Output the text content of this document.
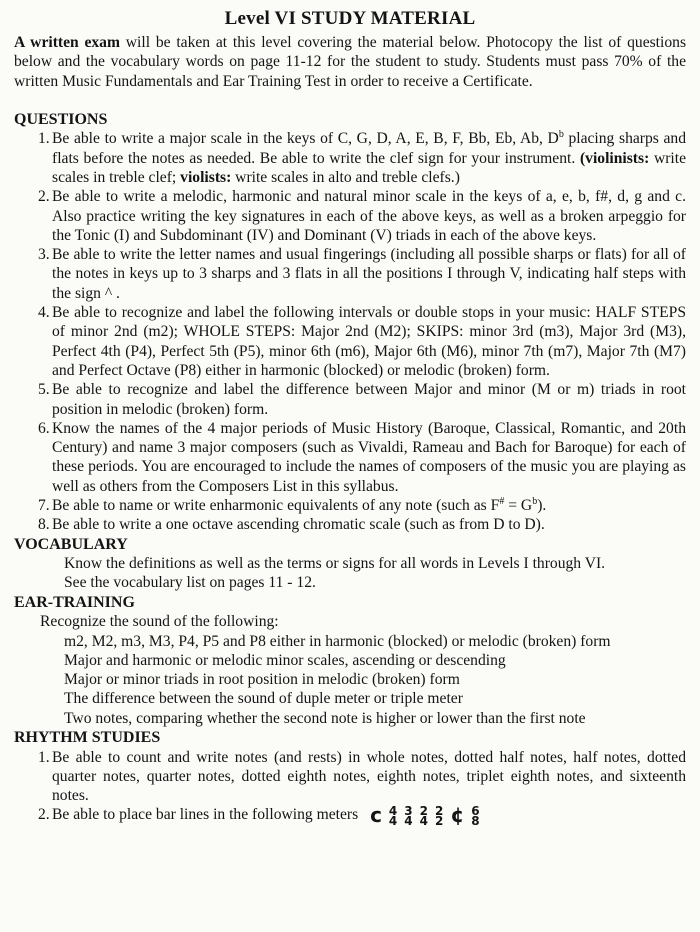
Level VI STUDY MATERIAL

A written exam will be taken at this level covering the material below. Photocopy the list of questions below and the vocabulary words on page 11-12 for the student to study. Students must pass 70% of the written Music Fundamentals and Ear Training Test in order to receive a Certificate.

QUESTIONS

1. Be able to write a major scale in the keys of C, G, D, A, E, B, F, Bb, Eb, Ab, $D^b$ placing sharps and flats before the notes as needed. Be able to write the clef sign for your instrument. (violinists: write scales in treble clef; violists: write scales in alto and treble clefs.)
2. Be able to write a melodic, harmonic and natural minor scale in the keys of a, e, b, f#, d, g and c. Also practice writing the key signatures in each of the above keys, as well as a broken arpeggio for the Tonic (I) and Subdominant (IV) and Dominant (V) triads in each of the above keys.
3. Be able to write the letter names and usual fingerings (including all possible sharps or flats) for all of the notes in keys up to 3 sharps and 3 flats in all the positions I through V, indicating half steps with the sign ^ .
4. Be able to recognize and label the following intervals or double stops in your music: HALF STEPS of minor 2nd (m2); WHOLE STEPS: Major 2nd (M2); SKIPS: minor 3rd (m3), Major 3rd (M3), Perfect 4th (P4), Perfect 5th (P5), minor 6th (m6), Major 6th (M6), minor 7th (m7), Major 7th (M7) and Perfect Octave (P8) either in harmonic (blocked) or melodic (broken) form.
5. Be able to recognize and label the difference between Major and minor (M or m) triads in root position in melodic (broken) form.
6. Know the names of the 4 major periods of Music History (Baroque, Classical, Romantic, and 20th Century) and name 3 major composers (such as Vivaldi, Rameau and Bach for Baroque) for each of these periods. You are encouraged to include the names of composers of the music you are playing as well as others from the Composers List in this syllabus.
7. Be able to name or write enharmonic equivalents of any note (such as $F^{\#} = G^b$).
8. Be able to write a one octave ascending chromatic scale (such as from D to D).

VOCABULARY

Know the definitions as well as the terms or signs for all words in Levels I through VI.

See the vocabulary list on pages 11 - 12.

EAR-TRAINING

Recognize the sound of the following:

m2, M2, m3, M3, P4, P5 and P8 either in harmonic (blocked) or melodic (broken) form

Major and harmonic or melodic minor scales, ascending or descending

Major or minor triads in root position in melodic (broken) form

The difference between the sound of duple meter or triple meter

Two notes, comparing whether the second note is higher or lower than the first note

RHYTHM STUDIES

1. Be able to count and write notes (and rests) in whole notes, dotted half notes, half notes, dotted quarter notes, quarter notes, dotted eighth notes, eighth notes, triplet eighth notes, and sixteenth notes.
2. Be able to place bar lines in the following meters c 4
4
3
4
2
4
2
2 ¢ 6
8
